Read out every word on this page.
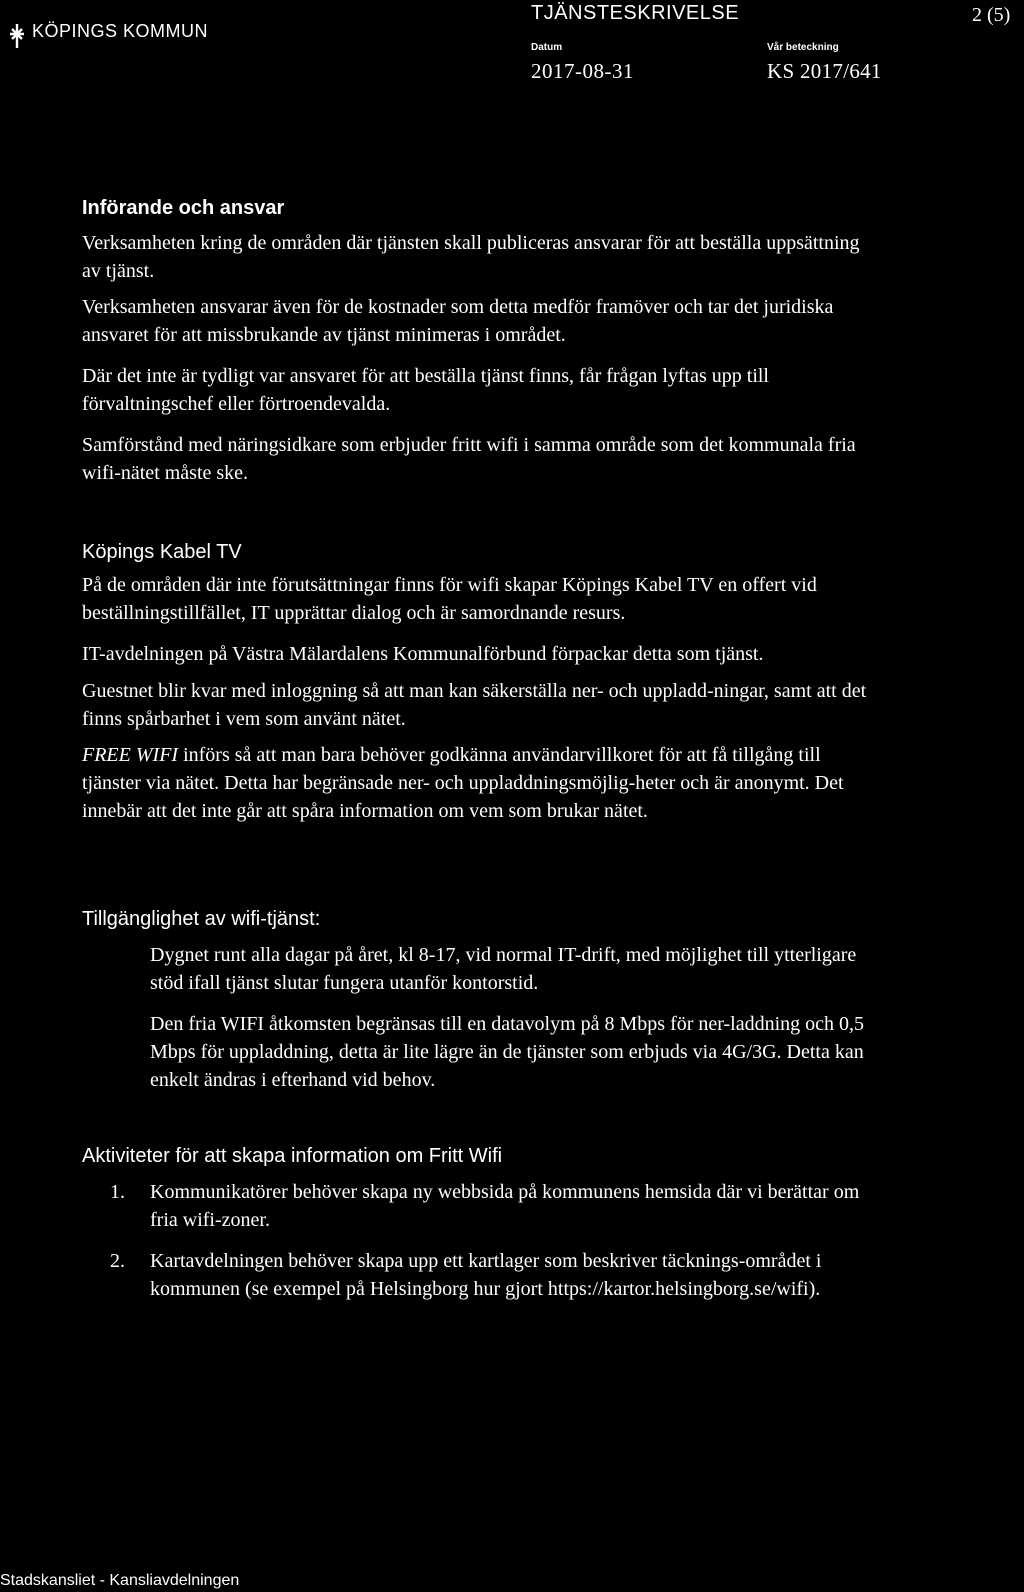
KÖPINGS KOMMUN
TJÄNSTESKRIVELSE	2 (5)
Datum
2017-08-31
Vår beteckning
KS 2017/641
Införande och ansvar

Verksamheten kring de områden där tjänsten skall publiceras ansvarar för att beställa uppsättning av tjänst.

Verksamheten ansvarar även för de kostnader som detta medför framöver och tar det juridiska ansvaret för att missbrukande av tjänst minimeras i området.

Där det inte är tydligt var ansvaret för att beställa tjänst finns, får frågan lyftas upp till förvaltningschef eller förtroendevalda.

Samförstånd med näringsidkare som erbjuder fritt wifi i samma område som det kommunala fria wifi-nätet måste ske.

Köpings Kabel TV

På de områden där inte förutsättningar finns för wifi skapar Köpings Kabel TV en offert vid beställningstillfället, IT upprättar dialog och är samordnande resurs.

IT-avdelningen på Västra Mälardalens Kommunalförbund förpackar detta som tjänst.

Guestnet blir kvar med inloggning så att man kan säkerställa ner- och uppladd-ningar, samt att det finns spårbarhet i vem som använt nätet.

FREE WIFI införs så att man bara behöver godkänna användarvillkoret för att få tillgång till tjänster via nätet. Detta har begränsade ner- och uppladdningsmöjlig-heter och är anonymt. Det innebär att det inte går att spåra information om vem som brukar nätet.

Tillgänglighet av wifi-tjänst:

Dygnet runt alla dagar på året, kl 8-17, vid normal IT-drift, med möjlighet till ytterligare stöd ifall tjänst slutar fungera utanför kontorstid.

Den fria WIFI åtkomsten begränsas till en datavolym på 8 Mbps för ner-laddning och 0,5 Mbps för uppladdning, detta är lite lägre än de tjänster som erbjuds via 4G/3G. Detta kan enkelt ändras i efterhand vid behov.

Aktiviteter för att skapa information om Fritt Wifi
1. Kommunikatörer behöver skapa ny webbsida på kommunens hemsida där vi berättar om fria wifi-zoner.

2. Kartavdelningen behöver skapa upp ett kartlager som beskriver täcknings-området i kommunen (se exempel på Helsingborg hur gjort https://kartor.helsingborg.se/wifi).

Stadskansliet - Kansliavdelningen
